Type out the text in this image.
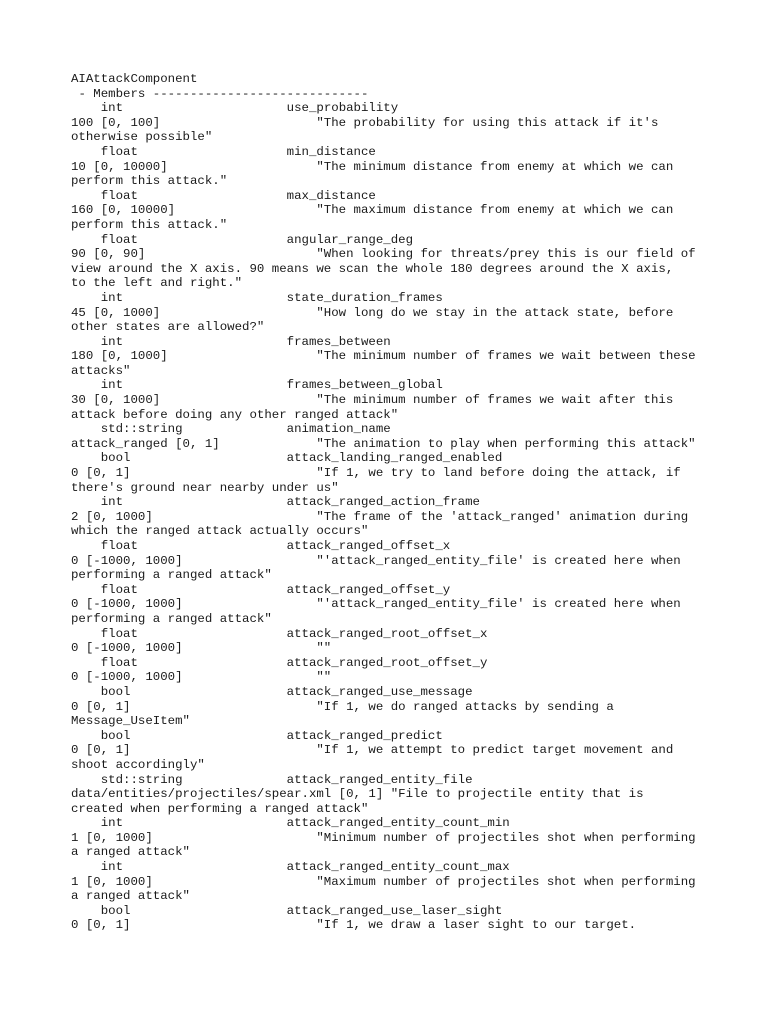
AIAttackComponent
- Members -----------------------------
int                      use_probability
100 [0, 100]                     "The probability for using this attack if it's
otherwise possible"
float                    min_distance
10 [0, 10000]                    "The minimum distance from enemy at which we can
perform this attack."
float                    max_distance
160 [0, 10000]                   "The maximum distance from enemy at which we can
perform this attack."
float                    angular_range_deg
90 [0, 90]                       "When looking for threats/prey this is our field of
view around the X axis. 90 means we scan the whole 180 degrees around the X axis,
to the left and right."
int                      state_duration_frames
45 [0, 1000]                     "How long do we stay in the attack state, before
other states are allowed?"
int                      frames_between
180 [0, 1000]                    "The minimum number of frames we wait between these
attacks"
int                      frames_between_global
30 [0, 1000]                     "The minimum number of frames we wait after this
attack before doing any other ranged attack"
std::string              animation_name
attack_ranged [0, 1]             "The animation to play when performing this attack"
bool                     attack_landing_ranged_enabled
0 [0, 1]                         "If 1, we try to land before doing the attack, if
there's ground near nearby under us"
int                      attack_ranged_action_frame
2 [0, 1000]                      "The frame of the 'attack_ranged' animation during
which the ranged attack actually occurs"
float                    attack_ranged_offset_x
0 [-1000, 1000]                  "'attack_ranged_entity_file' is created here when
performing a ranged attack"
float                    attack_ranged_offset_y
0 [-1000, 1000]                  "'attack_ranged_entity_file' is created here when
performing a ranged attack"
float                    attack_ranged_root_offset_x
0 [-1000, 1000]                  ""
float                    attack_ranged_root_offset_y
0 [-1000, 1000]                  ""
bool                     attack_ranged_use_message
0 [0, 1]                         "If 1, we do ranged attacks by sending a
Message_UseItem"
bool                     attack_ranged_predict
0 [0, 1]                         "If 1, we attempt to predict target movement and
shoot accordingly"
std::string              attack_ranged_entity_file
data/entities/projectiles/spear.xml [0, 1] "File to projectile entity that is
created when performing a ranged attack"
int                      attack_ranged_entity_count_min
1 [0, 1000]                      "Minimum number of projectiles shot when performing
a ranged attack"
int                      attack_ranged_entity_count_max
1 [0, 1000]                      "Maximum number of projectiles shot when performing
a ranged attack"
bool                     attack_ranged_use_laser_sight
0 [0, 1]                         "If 1, we draw a laser sight to our target.
